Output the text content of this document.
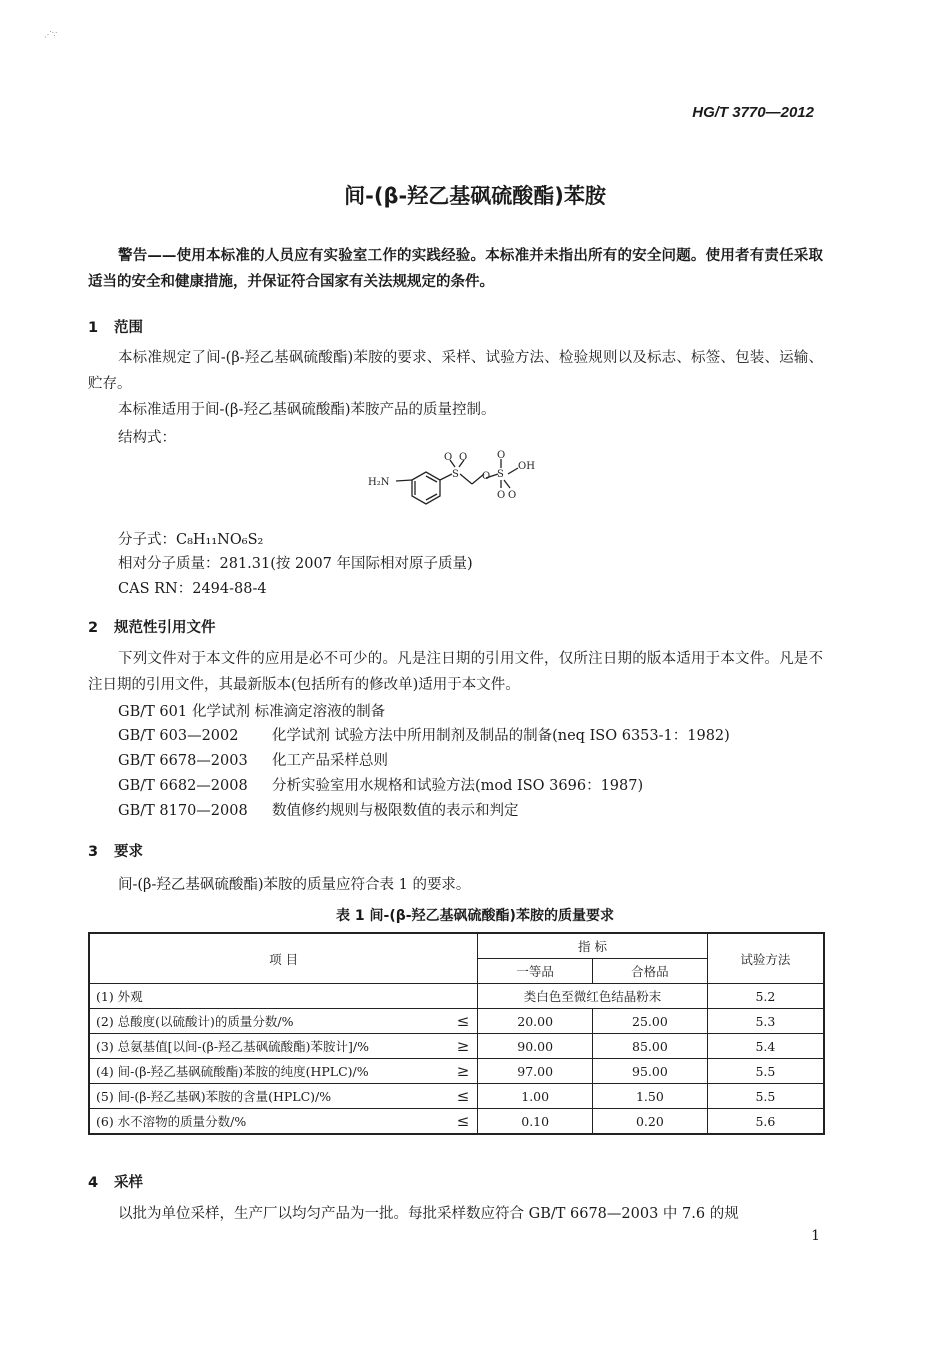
⋰∵
HG/T 3770—2012
间-(β-羟乙基砜硫酸酯)苯胺
警告——使用本标准的人员应有实验室工作的实践经验。本标准并未指出所有的安全问题。使用者有责任采取适当的安全和健康措施，并保证符合国家有关法规规定的条件。
1 范围
本标准规定了间-(β-羟乙基砜硫酸酯)苯胺的要求、采样、试验方法、检验规则以及标志、标签、包装、运输、贮存。
本标准适用于间-(β-羟乙基砜硫酸酯)苯胺产品的质量控制。
结构式：
H₂N
S
O O
O S
O
OH
O O
分子式：C₈H₁₁NO₆S₂
相对分子质量：281.31(按 2007 年国际相对原子质量)
CAS RN：2494-88-4
2 规范性引用文件
下列文件对于本文件的应用是必不可少的。凡是注日期的引用文件，仅所注日期的版本适用于本文件。凡是不注日期的引用文件，其最新版本(包括所有的修改单)适用于本文件。
GB/T 601 化学试剂 标准滴定溶液的制备
GB/T 603—2002 化学试剂 试验方法中所用制剂及制品的制备(neq ISO 6353-1：1982)
GB/T 6678—2003 化工产品采样总则
GB/T 6682—2008 分析实验室用水规格和试验方法(mod ISO 3696：1987)
GB/T 8170—2008 数值修约规则与极限数值的表示和判定
3 要求
间-(β-羟乙基砜硫酸酯)苯胺的质量应符合表 1 的要求。
表 1 间-(β-羟乙基砜硫酸酯)苯胺的质量要求
项 目	指 标		试验方法
	一等品	合格品	
(1) 外观	类白色至微红色结晶粉末		5.2
(2) 总酸度(以硫酸计)的质量分数/% ≤	20.00	25.00	5.3
(3) 总氨基值[以间-(β-羟乙基砜硫酸酯)苯胺计]/% ≥	90.00	85.00	5.4
(4) 间-(β-羟乙基砜硫酸酯)苯胺的纯度(HPLC)/% ≥	97.00	95.00	5.5
(5) 间-(β-羟乙基砜)苯胺的含量(HPLC)/% ≤	1.00	1.50	5.5
(6) 水不溶物的质量分数/% ≤	0.10	0.20	5.6
4 采样
以批为单位采样，生产厂以均匀产品为一批。每批采样数应符合 GB/T 6678—2003 中 7.6 的规
1
